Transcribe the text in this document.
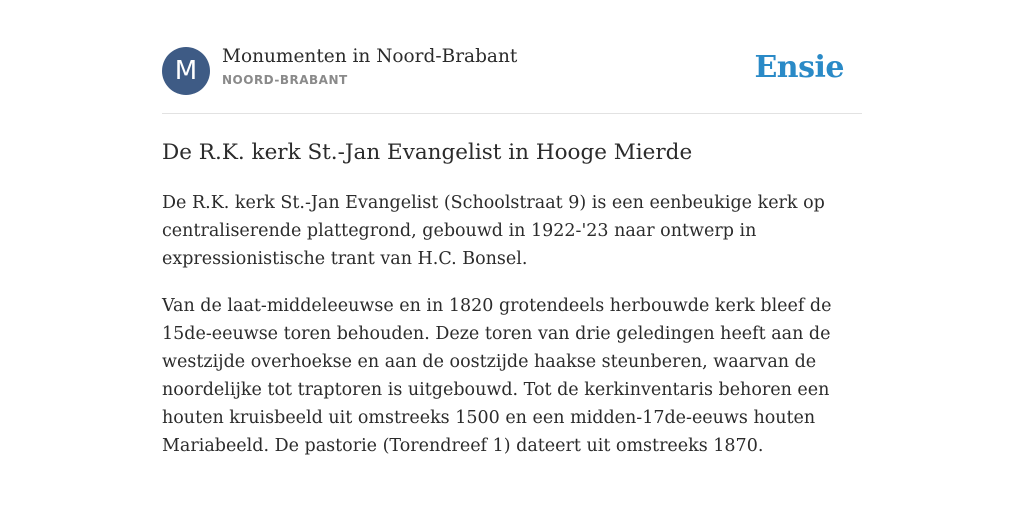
M	Monumenten in Noord-Brabant
NOORD-BRABANT	Ensie
De R.K. kerk St.-Jan Evangelist in Hooge Mierde

De R.K. kerk St.-Jan Evangelist (Schoolstraat 9) is een eenbeukige kerk op centraliserende plattegrond, gebouwd in 1922-'23 naar ontwerp in expressionistische trant van H.C. Bonsel.

Van de laat-middeleeuwse en in 1820 grotendeels herbouwde kerk bleef de 15de-eeuwse toren behouden. Deze toren van drie geledingen heeft aan de westzijde overhoekse en aan de oostzijde haakse steunberen, waarvan de noordelijke tot traptoren is uitgebouwd. Tot de kerkinventaris behoren een houten kruisbeeld uit omstreeks 1500 en een midden-17de-eeuws houten Mariabeeld. De pastorie (Torendreef 1) dateert uit omstreeks 1870.
